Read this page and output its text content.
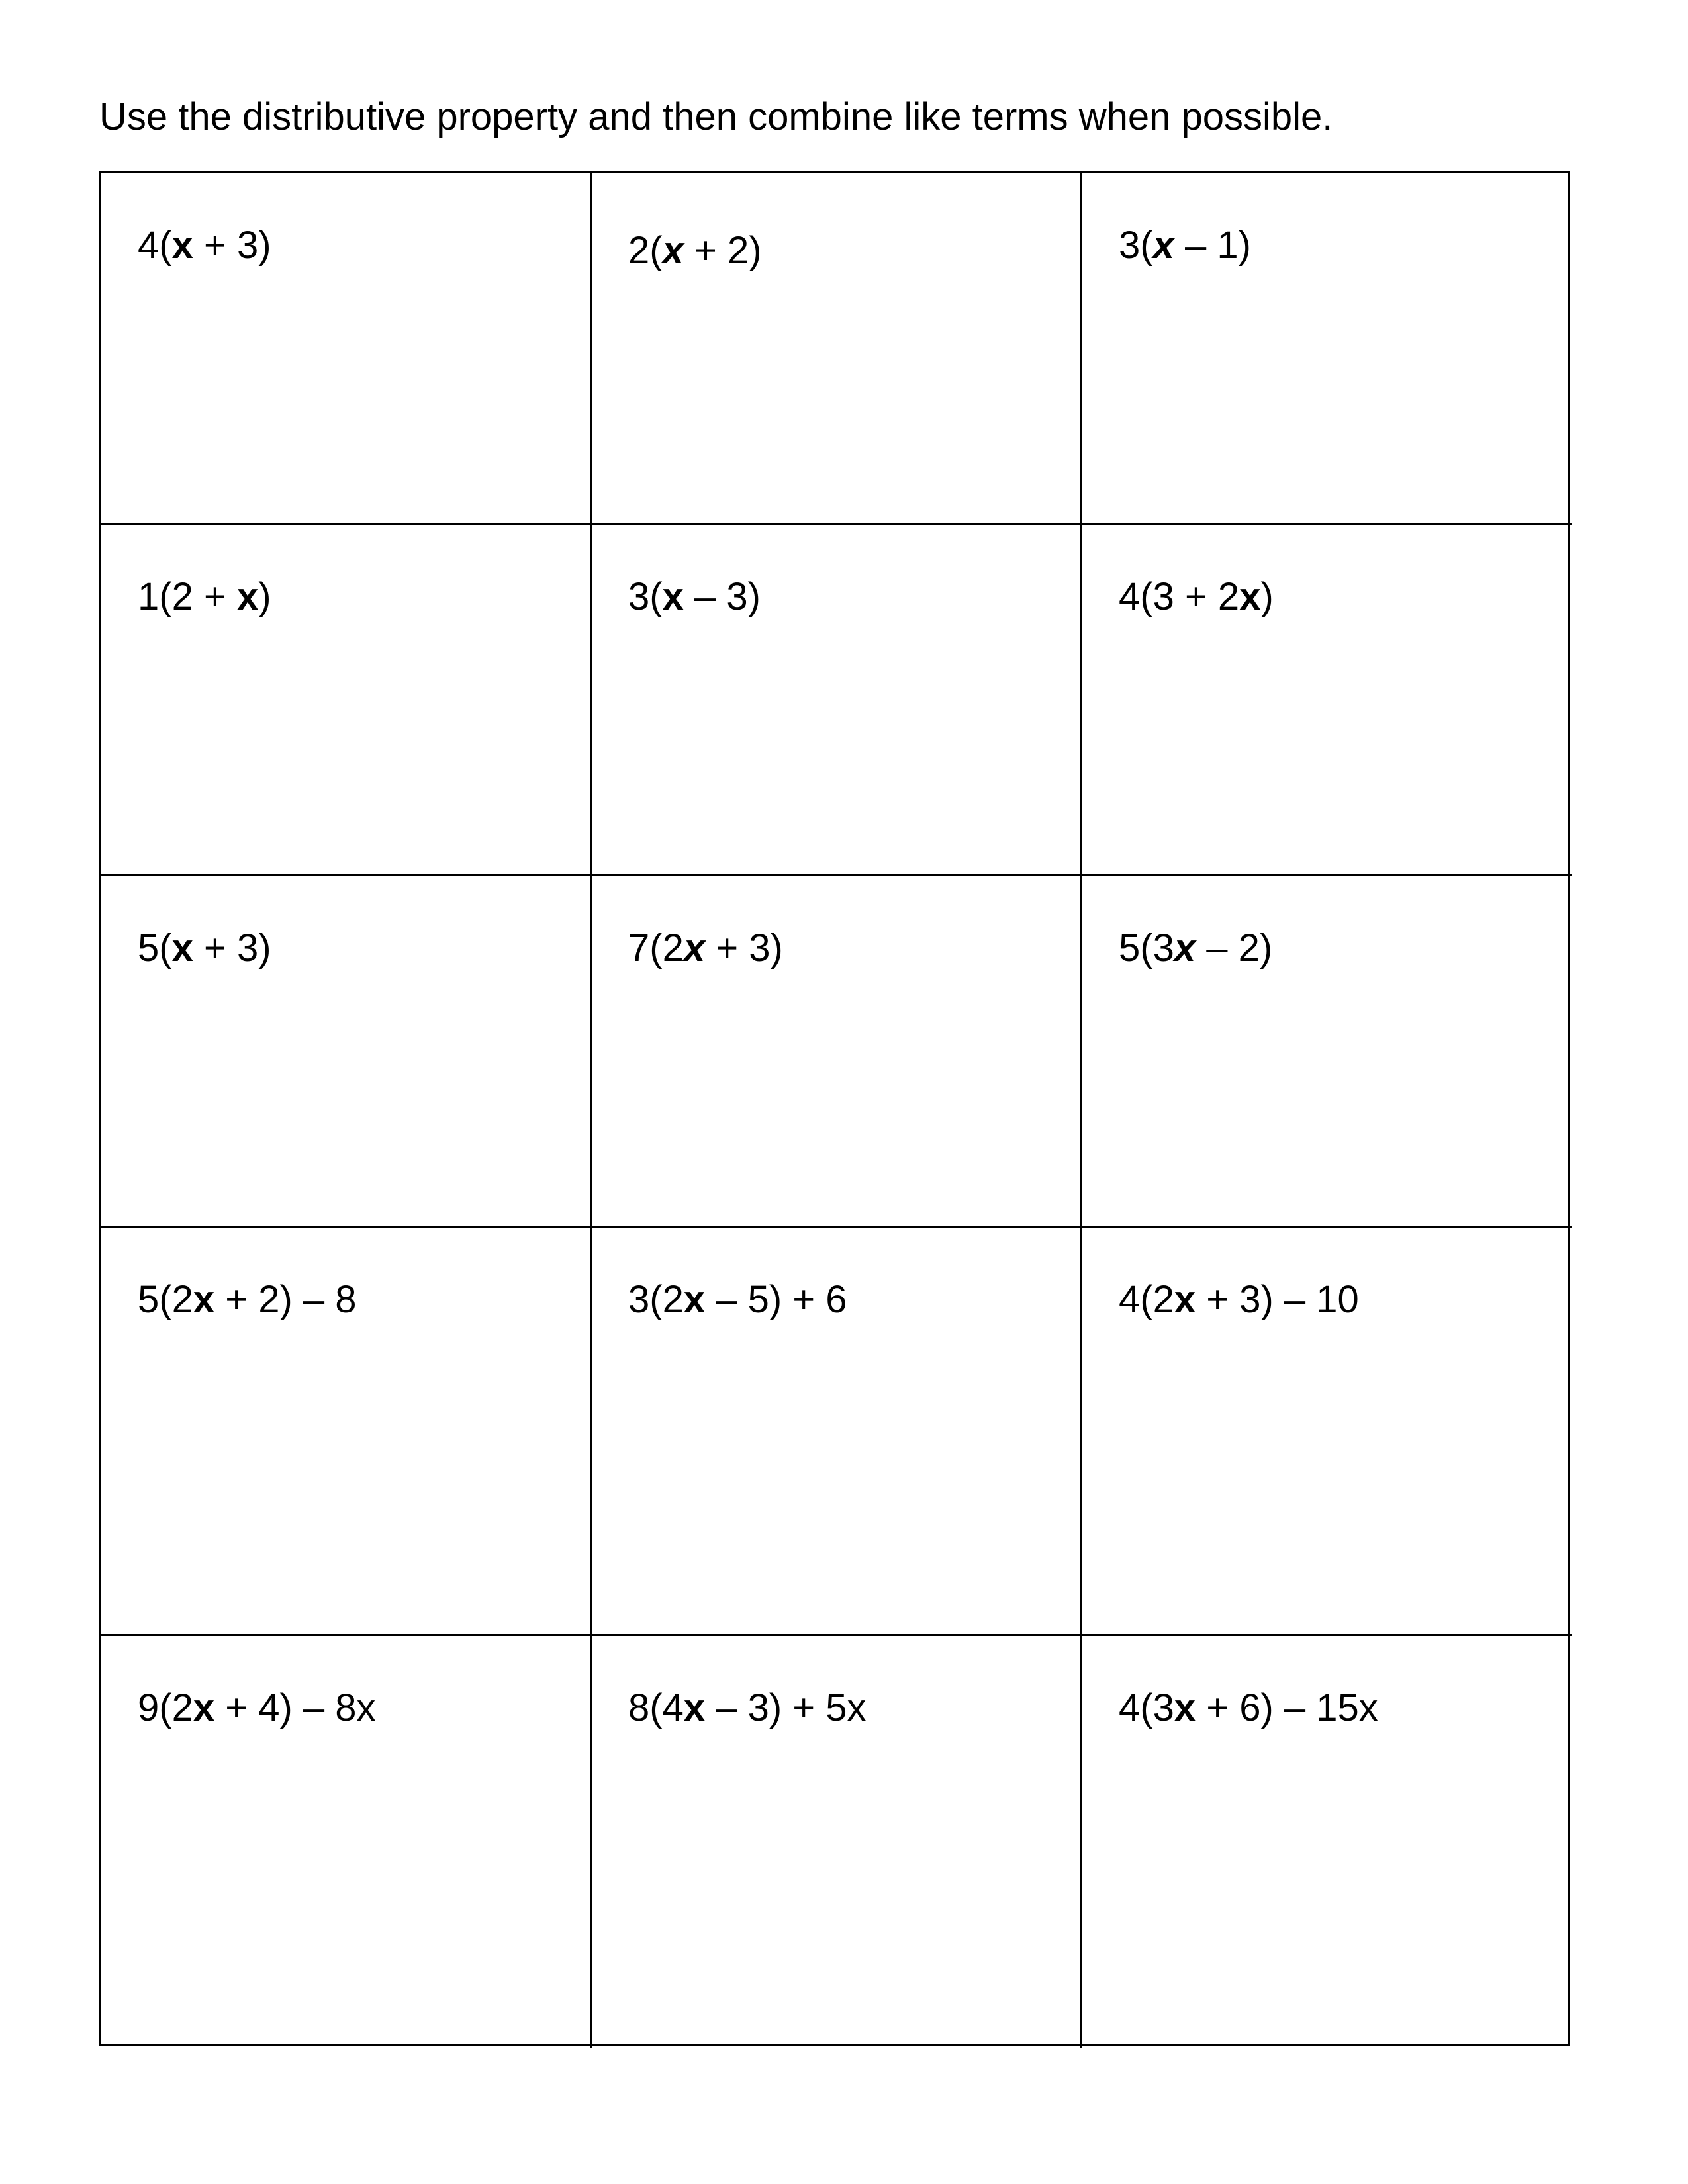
Use the distributive property and then combine like terms when possible.

4(x + 3)	2(x + 2)	3(x – 1)
1(2 + x)	3(x – 3)	4(3 + 2x)
5(x + 3)	7(2x + 3)	5(3x – 2)
5(2x + 2) – 8	3(2x – 5) + 6	4(2x + 3) – 10
9(2x + 4) – 8x	8(4x – 3) + 5x	4(3x + 6) – 15x
